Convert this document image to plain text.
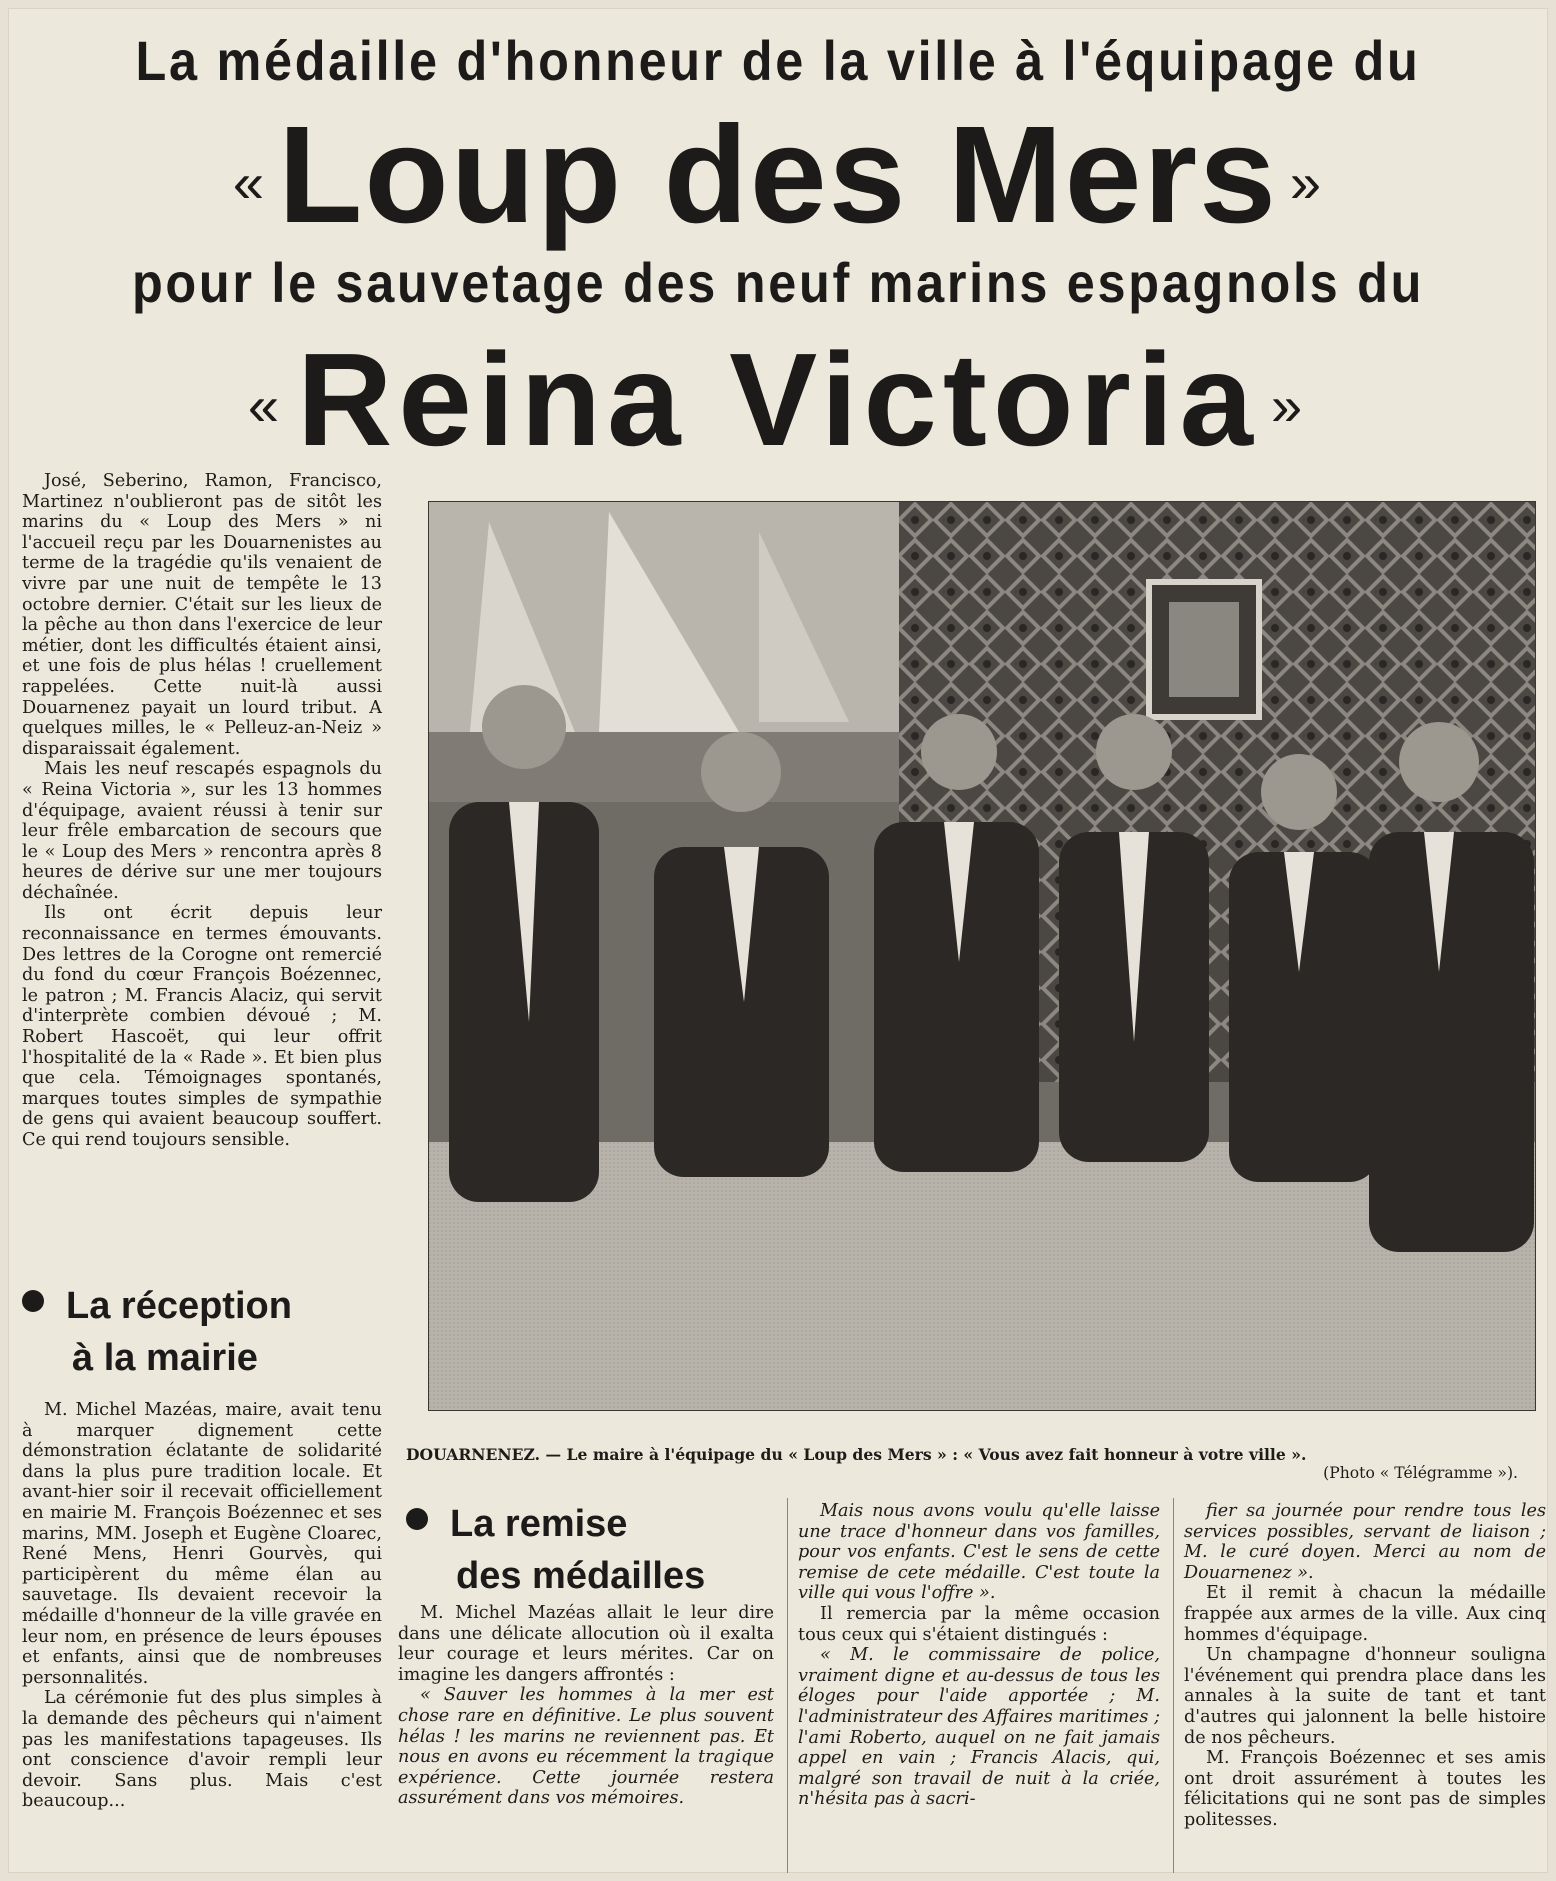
La médaille d'honneur de la ville à l'équipage du
«Loup des Mers »
pour le sauvetage des neuf marins espagnols du
«Reina Victoria »

José, Seberino, Ramon, Francisco, Martinez n'oublieront pas de sitôt les marins du « Loup des Mers » ni l'accueil reçu par les Douarnenistes au terme de la tragédie qu'ils venaient de vivre par une nuit de tempête le 13 octobre dernier. C'était sur les lieux de la pêche au thon dans l'exercice de leur métier, dont les difficultés étaient ainsi, et une fois de plus hélas ! cruellement rappelées. Cette nuit-là aussi Douarnenez payait un lourd tribut. A quelques milles, le « Pelleuz-an-Neiz » disparaissait également.

Mais les neuf rescapés espagnols du « Reina Victoria », sur les 13 hommes d'équipage, avaient réussi à tenir sur leur frêle embarcation de secours que le « Loup des Mers » rencontra après 8 heures de dérive sur une mer toujours déchaînée.

Ils ont écrit depuis leur reconnaissance en termes émouvants. Des lettres de la Corogne ont remercié du fond du cœur François Boézennec, le patron ; M. Francis Alaciz, qui servit d'interprète combien dévoué ; M. Robert Hascoët, qui leur offrit l'hospitalité de la « Rade ». Et bien plus que cela. Témoignages spontanés, marques toutes simples de sympathie de gens qui avaient beaucoup souffert. Ce qui rend toujours sensible.

La réception
à la mairie

M. Michel Mazéas, maire, avait tenu à marquer dignement cette démonstration éclatante de solidarité dans la plus pure tradition locale. Et avant-hier soir il recevait officiellement en mairie M. François Boézennec et ses marins, MM. Joseph et Eugène Cloarec, René Mens, Henri Gourvès, qui participèrent du même élan au sauvetage. Ils devaient recevoir la médaille d'honneur de la ville gravée en leur nom, en présence de leurs épouses et enfants, ainsi que de nombreuses personnalités.

La cérémonie fut des plus simples à la demande des pêcheurs qui n'aiment pas les manifestations tapageuses. Ils ont conscience d'avoir rempli leur devoir. Sans plus. Mais c'est beaucoup...

DOUARNENEZ. — Le maire à l'équipage du « Loup des Mers » : « Vous avez fait honneur à votre ville ».
(Photo « Télégramme »).
La remise
des médailles

M. Michel Mazéas allait le leur dire dans une délicate allocution où il exalta leur courage et leurs mérites. Car on imagine les dangers affrontés :

« Sauver les hommes à la mer est chose rare en définitive. Le plus souvent hélas ! les marins ne reviennent pas. Et nous en avons eu récemment la tragique expérience. Cette journée restera assurément dans vos mémoires.

Mais nous avons voulu qu'elle laisse une trace d'honneur dans vos familles, pour vos enfants. C'est le sens de cette remise de cete médaille. C'est toute la ville qui vous l'offre ».

Il remercia par la même occasion tous ceux qui s'étaient distingués :

« M. le commissaire de police, vraiment digne et au-dessus de tous les éloges pour l'aide apportée ; M. l'administrateur des Affaires maritimes ; l'ami Roberto, auquel on ne fait jamais appel en vain ; Francis Alacis, qui, malgré son travail de nuit à la criée, n'hésita pas à sacri-

fier sa journée pour rendre tous les services possibles, servant de liaison ; M. le curé doyen. Merci au nom de Douarnenez ».

Et il remit à chacun la médaille frappée aux armes de la ville. Aux cinq hommes d'équipage.

Un champagne d'honneur souligna l'événement qui prendra place dans les annales à la suite de tant et tant d'autres qui jalonnent la belle histoire de nos pêcheurs.

M. François Boézennec et ses amis ont droit assurément à toutes les félicitations qui ne sont pas de simples politesses.
